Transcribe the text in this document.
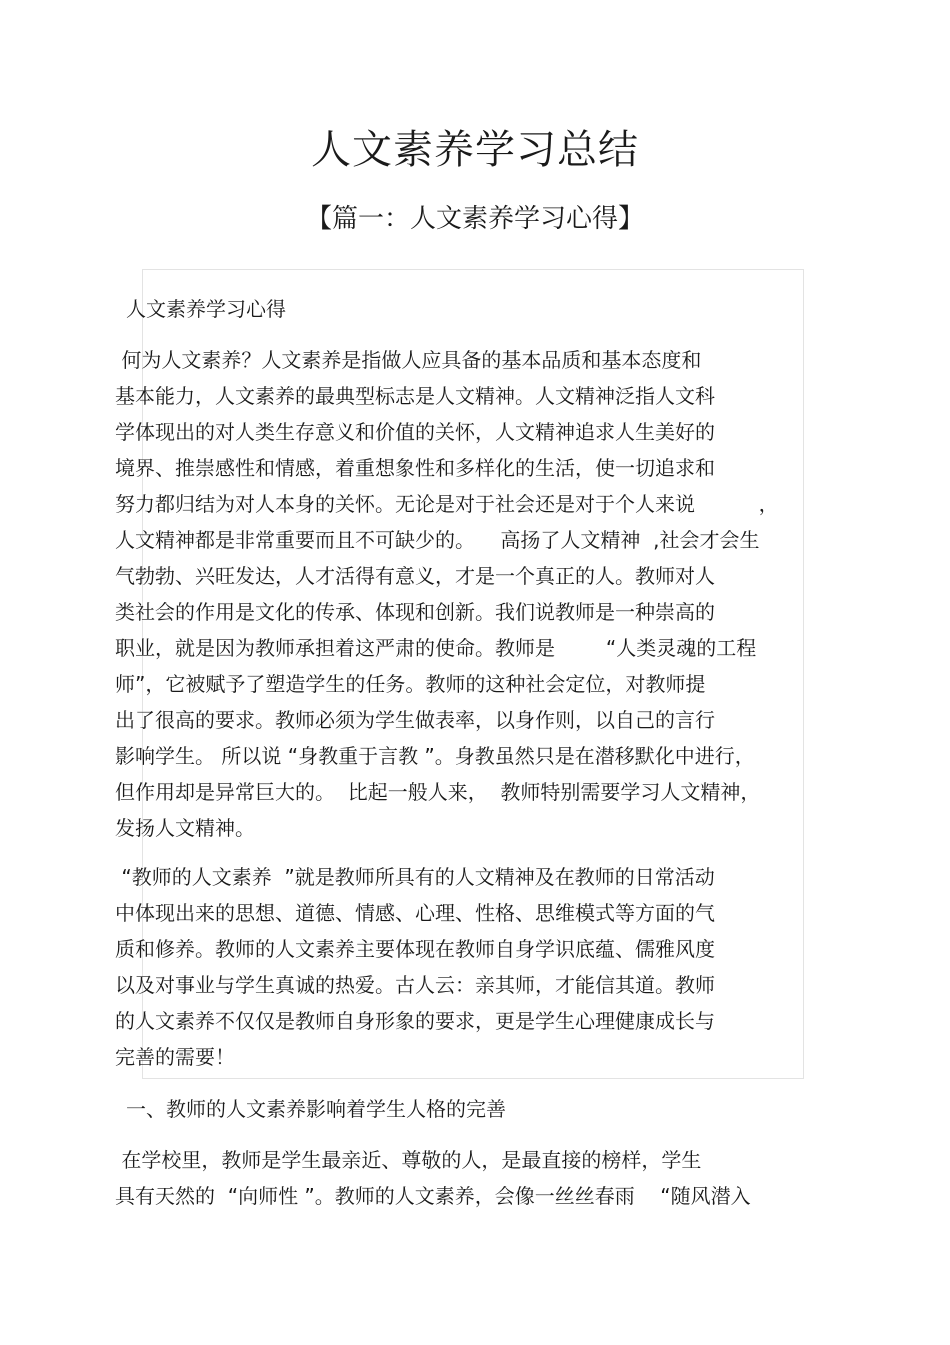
人文素养学习总结
【篇一：人文素养学习心得】
人文素养学习心得
何为人文素养？人文素养是指做人应具备的基本品质和基本态度和
基本能力，人文素养的最典型标志是人文精神。人文精神泛指人文科
学体现出的对人类生存意义和价值的关怀，人文精神追求人生美好的
境界、推崇感性和情感，着重想象性和多样化的生活，使一切追求和
努力都归结为对人本身的关怀。无论是对于社会还是对于个人来说          ，
人文精神都是非常重要而且不可缺少的。    高扬了人文精神  ,社会才会生
气勃勃、兴旺发达，人才活得有意义，才是一个真正的人。教师对人
类社会的作用是文化的传承、体现和创新。我们说教师是一种崇高的
职业，就是因为教师承担着这严肃的使命。教师是        “人类灵魂的工程
师”，它被赋予了塑造学生的任务。教师的这种社会定位，对教师提
出了很高的要求。教师必须为学生做表率，以身作则，以自己的言行
影响学生。 所以说 “身教重于言教 ”。身教虽然只是在潜移默化中进行，
但作用却是异常巨大的。  比起一般人来，  教师特别需要学习人文精神，
发扬人文精神。
“教师的人文素养  ”就是教师所具有的人文精神及在教师的日常活动
中体现出来的思想、道德、情感、心理、性格、思维模式等方面的气
质和修养。教师的人文素养主要体现在教师自身学识底蕴、儒雅风度
以及对事业与学生真诚的热爱。古人云：亲其师，才能信其道。教师
的人文素养不仅仅是教师自身形象的要求，更是学生心理健康成长与
完善的需要！
一、教师的人文素养影响着学生人格的完善
在学校里，教师是学生最亲近、尊敬的人，是最直接的榜样，学生
具有天然的  “向师性 ”。教师的人文素养，会像一丝丝春雨    “随风潜入
